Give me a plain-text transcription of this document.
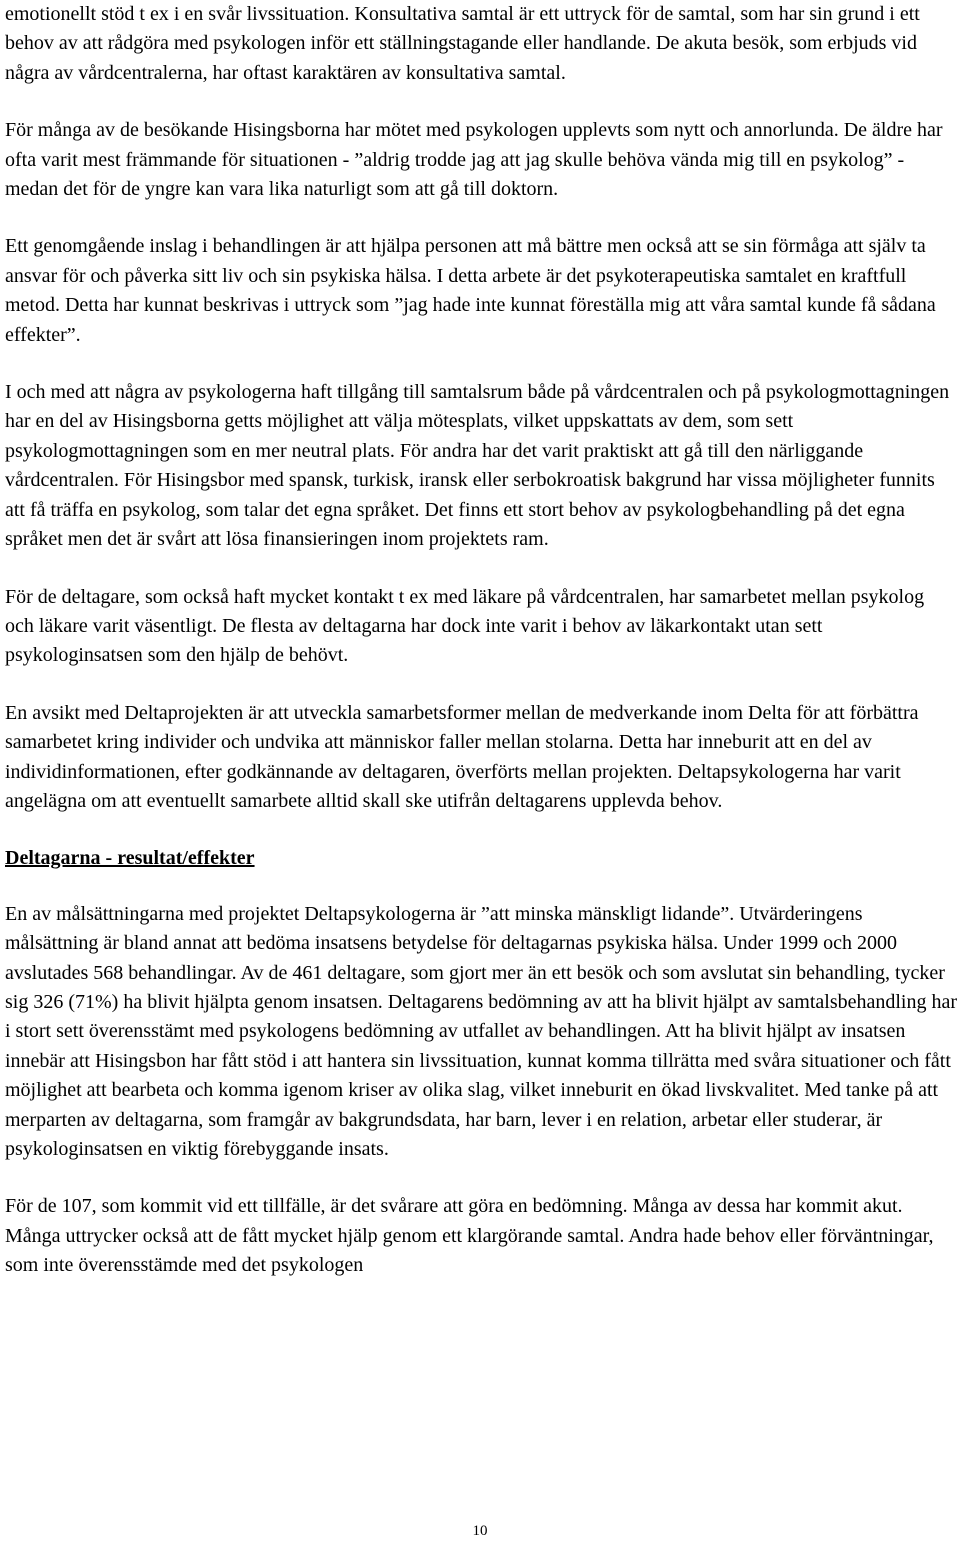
emotionellt stöd t ex i en svår livssituation. Konsultativa samtal är ett uttryck för de samtal, som har sin grund i ett behov av att rådgöra med psykologen inför ett ställningstagande eller handlande. De akuta besök, som erbjuds vid några av vårdcentralerna, har oftast karaktären av konsultativa samtal.

För många av de besökande Hisingsborna har mötet med psykologen upplevts som nytt och annorlunda. De äldre har ofta varit mest främmande för situationen - ”aldrig trodde jag att jag skulle behöva vända mig till en psykolog” - medan det för de yngre kan vara lika naturligt som att gå till doktorn.

Ett genomgående inslag i behandlingen är att hjälpa personen att må bättre men också att se sin förmåga att själv ta ansvar för och påverka sitt liv och sin psykiska hälsa. I detta arbete är det psykoterapeutiska samtalet en kraftfull metod. Detta har kunnat beskrivas i uttryck som ”jag hade inte kunnat föreställa mig att våra samtal kunde få sådana effekter”.

I och med att några av psykologerna haft tillgång till samtalsrum både på vårdcentralen och på psykologmottagningen har en del av Hisingsborna getts möjlighet att välja mötesplats, vilket uppskattats av dem, som sett psykologmottagningen som en mer neutral plats. För andra har det varit praktiskt att gå till den närliggande vårdcentralen. För Hisingsbor med spansk, turkisk, iransk eller serbokroatisk bakgrund har vissa möjligheter funnits att få träffa en psykolog, som talar det egna språket. Det finns ett stort behov av psykologbehandling på det egna språket men det är svårt att lösa finansieringen inom projektets ram.

För de deltagare, som också haft mycket kontakt t ex med läkare på vårdcentralen, har samarbetet mellan psykolog och läkare varit väsentligt. De flesta av deltagarna har dock inte varit i behov av läkarkontakt utan sett psykologinsatsen som den hjälp de behövt.

En avsikt med Deltaprojekten är att utveckla samarbetsformer mellan de medverkande inom Delta för att förbättra samarbetet kring individer och undvika att människor faller mellan stolarna. Detta har inneburit att en del av individinformationen, efter godkännande av deltagaren, överförts mellan projekten. Deltapsykologerna har varit angelägna om att eventuellt samarbete alltid skall ske utifrån deltagarens upplevda behov.

Deltagarna - resultat/effekter

En av målsättningarna med projektet Deltapsykologerna är ”att minska mänskligt lidande”. Utvärderingens målsättning är bland annat att bedöma insatsens betydelse för deltagarnas psykiska hälsa. Under 1999 och 2000 avslutades 568 behandlingar. Av de 461 deltagare, som gjort mer än ett besök och som avslutat sin behandling, tycker sig 326 (71%) ha blivit hjälpta genom insatsen. Deltagarens bedömning av att ha blivit hjälpt av samtalsbehandling har i stort sett överensstämt med psykologens bedömning av utfallet av behandlingen. Att ha blivit hjälpt av insatsen innebär att Hisingsbon har fått stöd i att hantera sin livssituation, kunnat komma tillrätta med svåra situationer och fått möjlighet att bearbeta och komma igenom kriser av olika slag, vilket inneburit en ökad livskvalitet. Med tanke på att merparten av deltagarna, som framgår av bakgrundsdata, har barn, lever i en relation, arbetar eller studerar, är psykologinsatsen en viktig förebyggande insats.

För de 107, som kommit vid ett tillfälle, är det svårare att göra en bedömning. Många av dessa har kommit akut. Många uttrycker också att de fått mycket hjälp genom ett klargörande samtal. Andra hade behov eller förväntningar, som inte överensstämde med det psykologen

10
